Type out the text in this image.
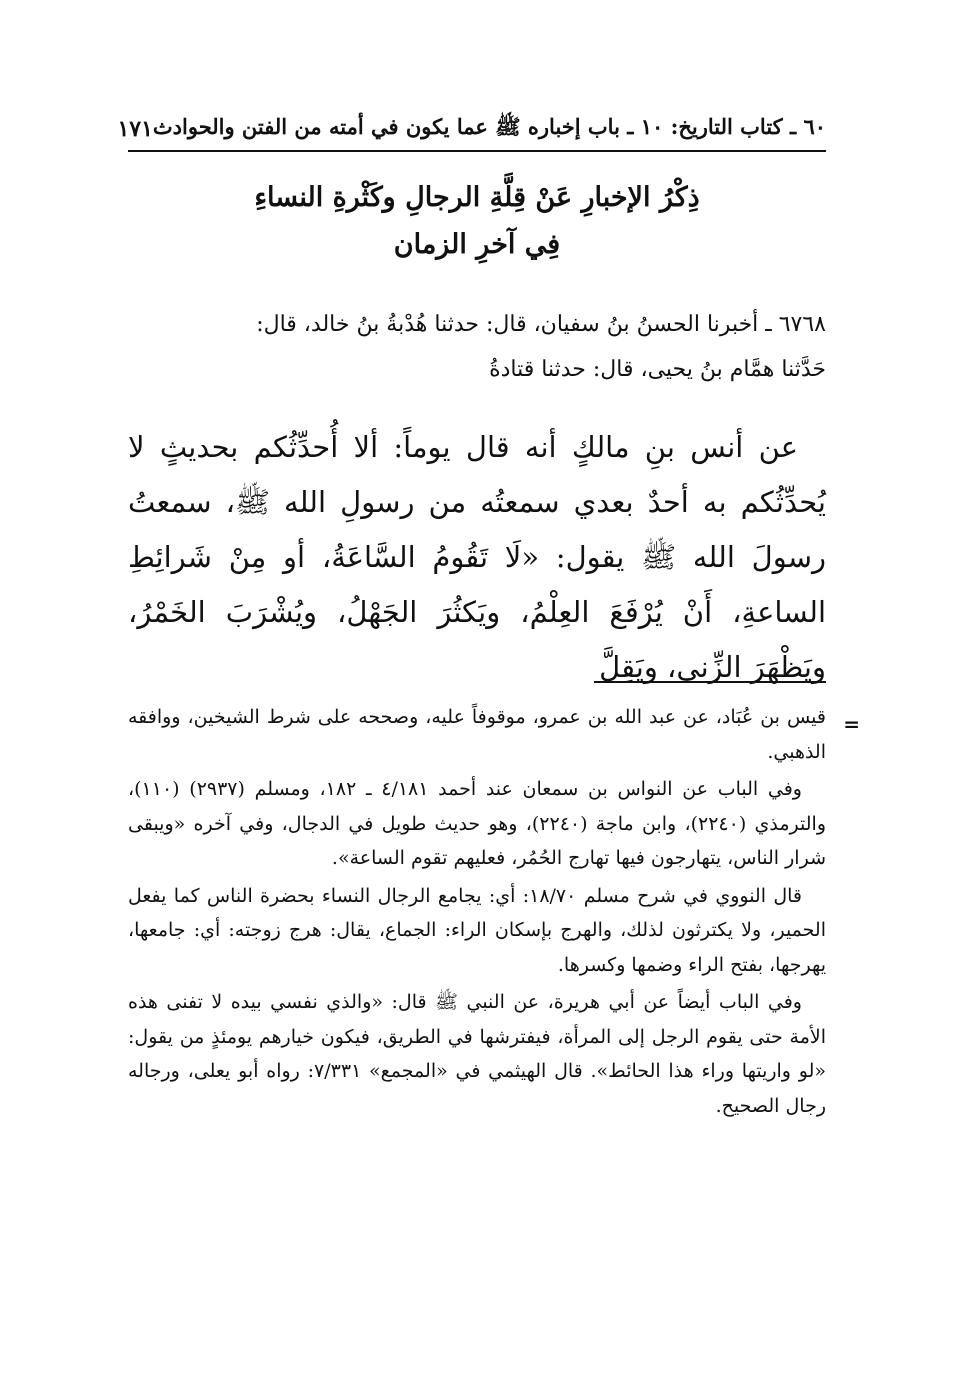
٦٠ ـ كتاب التاريخ: ١٠ ـ باب إخباره ﷺ عما يكون في أمته من الفتن والحوادث
١٧١
ذِكْرُ الإخبارِ عَنْ قِلَّةِ الرجالِ وكَثْرةِ النساءِ
فِي آخرِ الزمان

٦٧٦٨ ـ أخبرنا الحسنُ بنُ سفيان، قال: حدثنا هُدْبةُ بنُ خالد، قال:

حَدَّثنا همَّام بنُ يحيى، قال: حدثنا قتادةُ

عن أنس بنِ مالكٍ أنه قال يوماً: ألا أُحدِّثُكم بحديثٍ لا يُحدِّثُكم به أحدٌ بعدي سمعتُه من رسولِ الله ﷺ، سمعتُ رسولَ الله ﷺ يقول: «لَا تَقُومُ السَّاعَةُ، أو مِنْ شَرائِطِ الساعةِ، أَنْ يُرْفَعَ العِلْمُ، ويَكثُرَ الجَهْلُ، ويُشْرَبَ الخَمْرُ، ويَظْهَرَ الزِّنى، ويَقِلَّ

=

قيس بن عُبَاد، عن عبد الله بن عمرو، موقوفاً عليه، وصححه على شرط الشيخين، ووافقه الذهبي.

وفي الباب عن النواس بن سمعان عند أحمد ٤/١٨١ ـ ١٨٢، ومسلم (٢٩٣٧) (١١٠)، والترمذي (٢٢٤٠)، وابن ماجة (٢٢٤٠)، وهو حديث طويل في الدجال، وفي آخره «ويبقى شرار الناس، يتهارجون فيها تهارج الحُمُر، فعليهم تقوم الساعة».

قال النووي في شرح مسلم ١٨/٧٠: أي: يجامع الرجال النساء بحضرة الناس كما يفعل الحمير، ولا يكترثون لذلك، والهرج بإسكان الراء: الجماع، يقال: هرج زوجته: أي: جامعها، يهرجها، بفتح الراء وضمها وكسرها.

وفي الباب أيضاً عن أبي هريرة، عن النبي ﷺ قال: «والذي نفسي بيده لا تفنى هذه الأمة حتى يقوم الرجل إلى المرأة، فيفترشها في الطريق، فيكون خيارهم يومئذٍ من يقول: «لو واريتها وراء هذا الحائط». قال الهيثمي في «المجمع» ٧/٣٣١: رواه أبو يعلى، ورجاله رجال الصحيح.
